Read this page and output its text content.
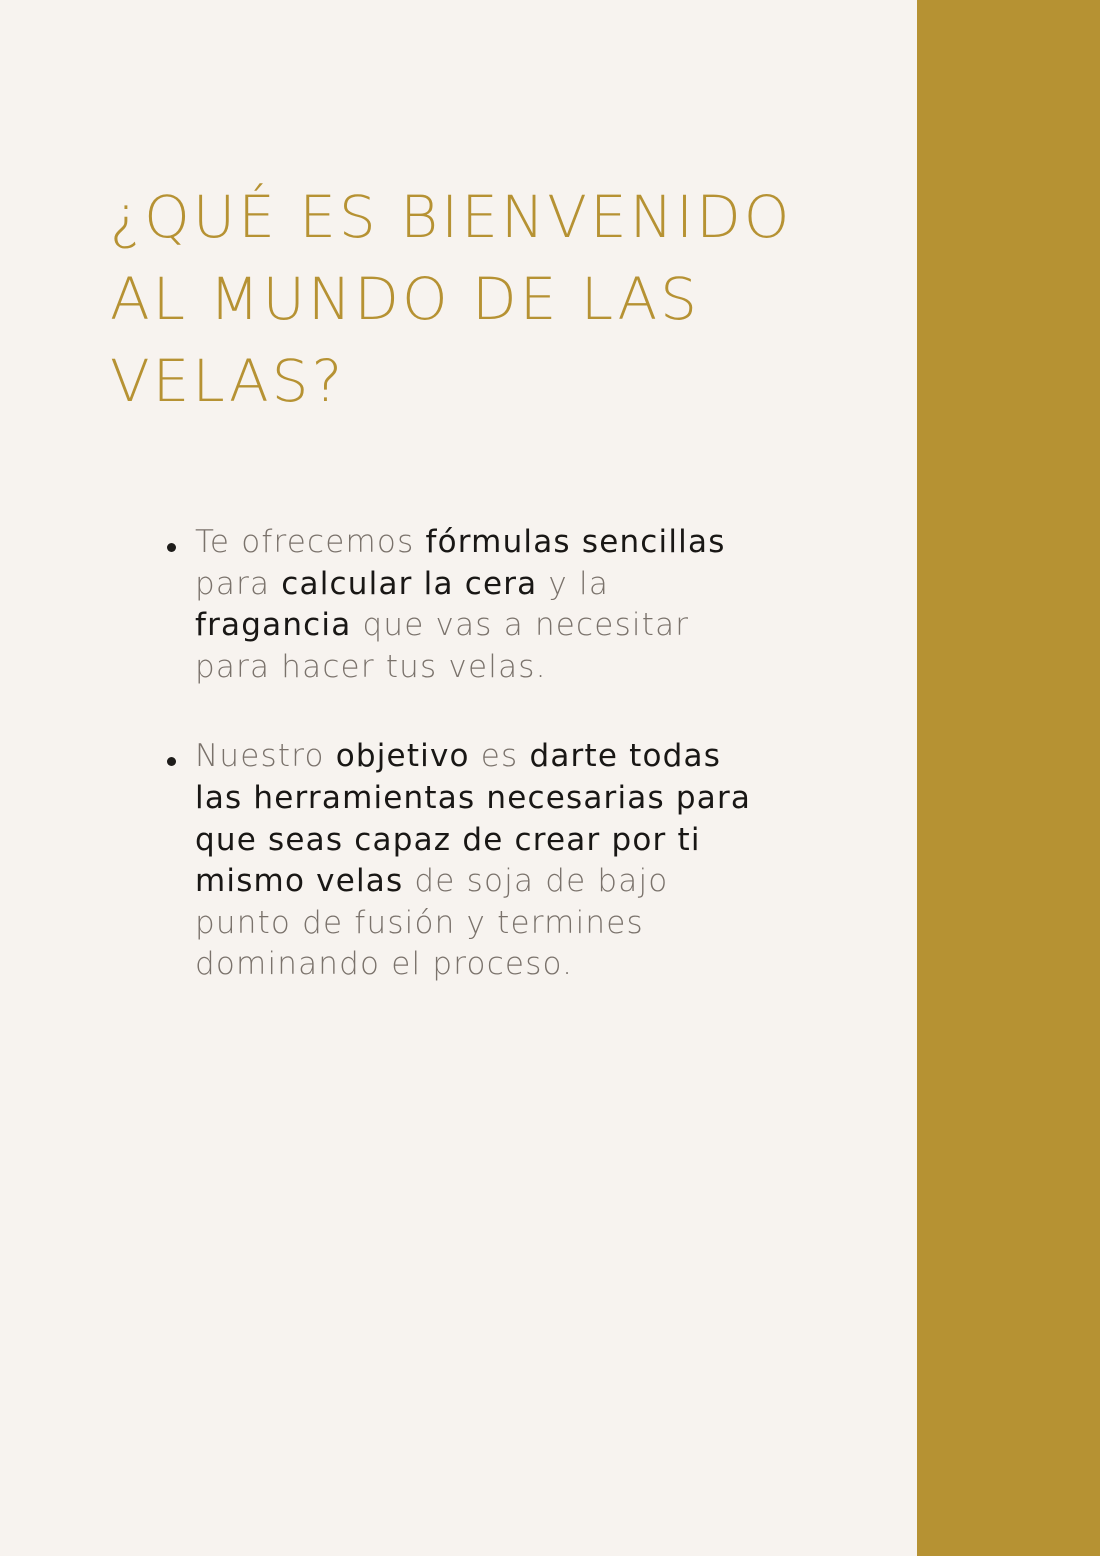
¿QUÉ ES BIENVENIDO
AL MUNDO DE LAS
VELAS?
Te ofrecemos fórmulas sencillas
para calcular la cera y la
fragancia que vas a necesitar
para hacer tus velas.
Nuestro objetivo es darte todas
las herramientas necesarias para
que seas capaz de crear por ti
mismo velas de soja de bajo
punto de fusión y termines
dominando el proceso.
